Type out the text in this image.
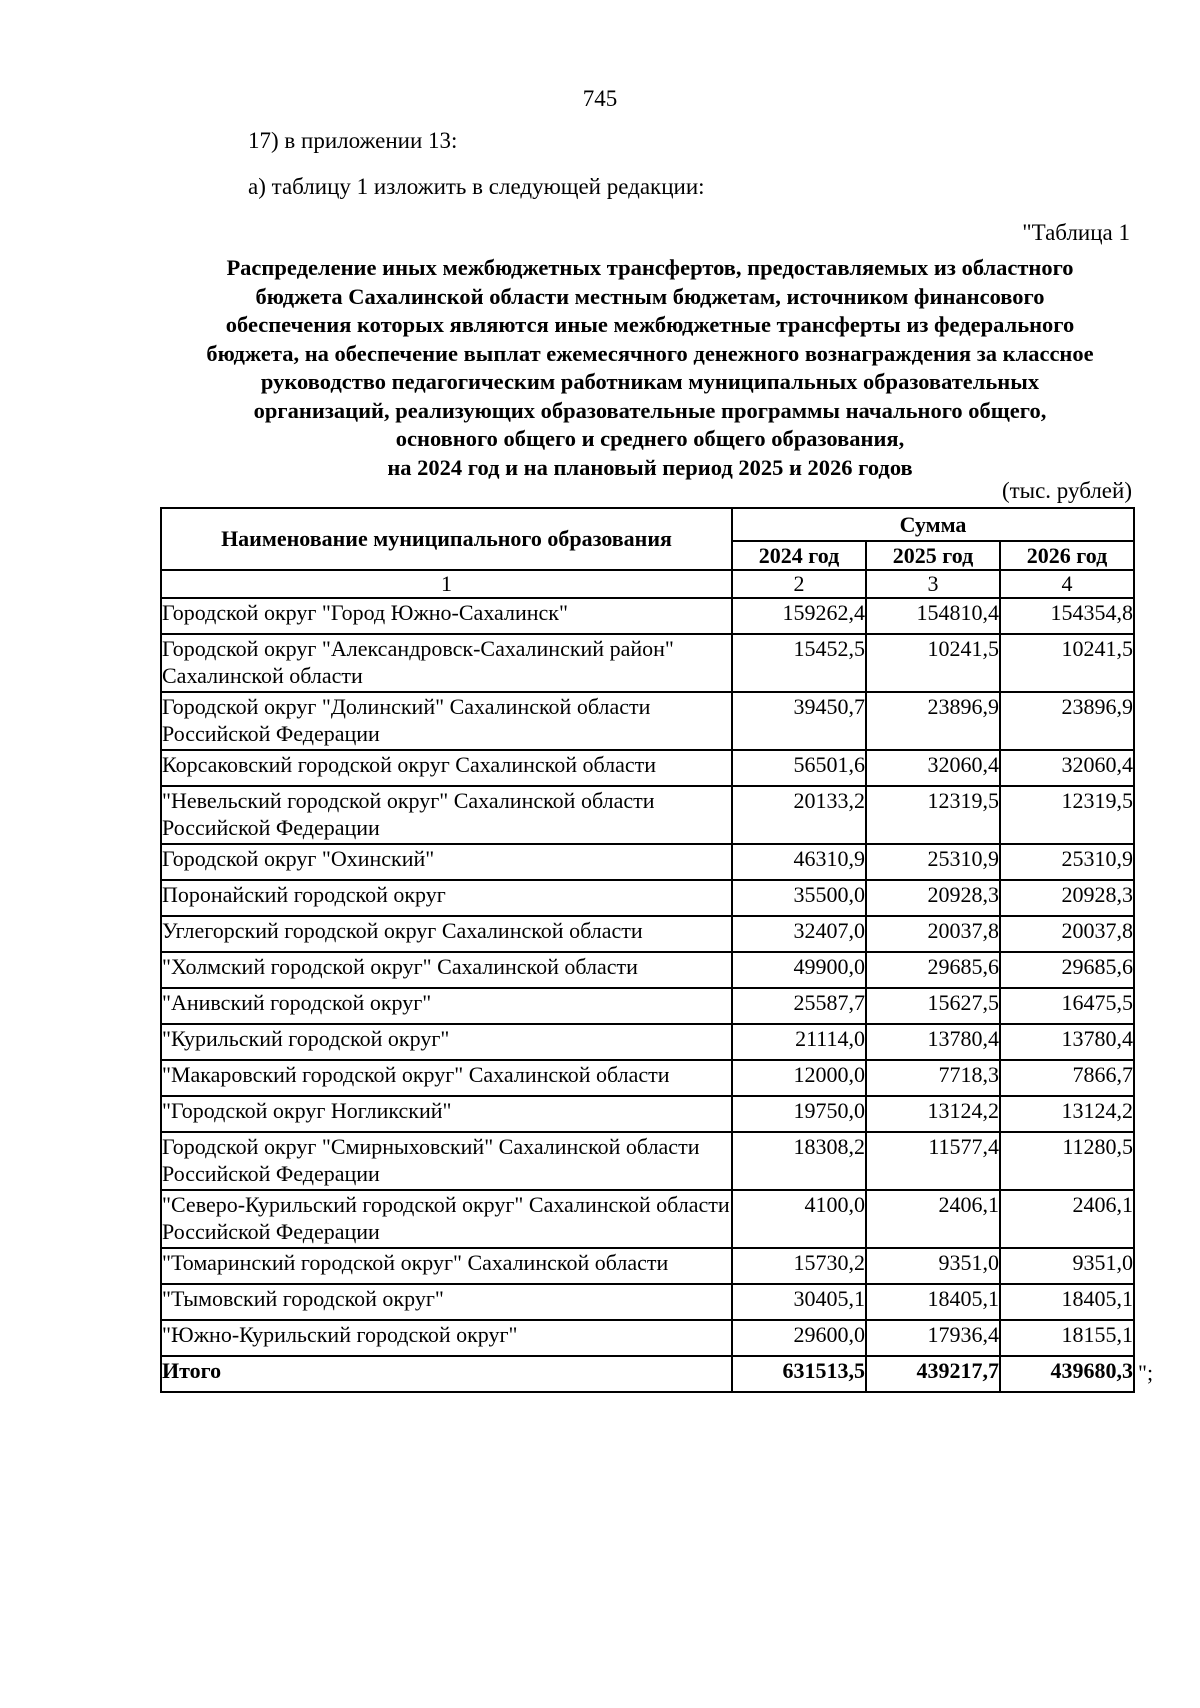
745
17) в приложении 13:
а) таблицу 1 изложить в следующей редакции:
"Таблица 1
Распределение иных межбюджетных трансфертов, предоставляемых из областного
бюджета Сахалинской области местным бюджетам, источником финансового
обеспечения которых являются иные межбюджетные трансферты из федерального
бюджета, на обеспечение выплат ежемесячного денежного вознаграждения за классное
руководство педагогическим работникам муниципальных образовательных
организаций, реализующих образовательные программы начального общего,
основного общего и среднего общего образования,
на 2024 год и на плановый период 2025 и 2026 годов
(тыс. рублей)
Наименование муниципального образования	Сумма		
	2024 год	2025 год	2026 год
1	2	3	4
Городской округ "Город Южно-Сахалинск"	159262,4	154810,4	154354,8
Городской округ "Александровск-Сахалинский район" Сахалинской области	15452,5	10241,5	10241,5
Городской округ "Долинский" Сахалинской области Российской Федерации	39450,7	23896,9	23896,9
Корсаковский городской округ Сахалинской области	56501,6	32060,4	32060,4
"Невельский городской округ" Сахалинской области Российской Федерации	20133,2	12319,5	12319,5
Городской округ "Охинский"	46310,9	25310,9	25310,9
Поронайский городской округ	35500,0	20928,3	20928,3
Углегорский городской округ Сахалинской области	32407,0	20037,8	20037,8
"Холмский городской округ" Сахалинской области	49900,0	29685,6	29685,6
"Анивский городской округ"	25587,7	15627,5	16475,5
"Курильский городской округ"	21114,0	13780,4	13780,4
"Макаровский городской округ" Сахалинской области	12000,0	7718,3	7866,7
"Городской округ Ногликский"	19750,0	13124,2	13124,2
Городской округ "Смирныховский" Сахалинской области Российской Федерации	18308,2	11577,4	11280,5
"Северо-Курильский городской округ" Сахалинской области Российской Федерации	4100,0	2406,1	2406,1
"Томаринский городской округ" Сахалинской области	15730,2	9351,0	9351,0
"Тымовский городской округ"	30405,1	18405,1	18405,1
"Южно-Курильский городской округ"	29600,0	17936,4	18155,1
Итого	631513,5	439217,7	439680,3 ";
